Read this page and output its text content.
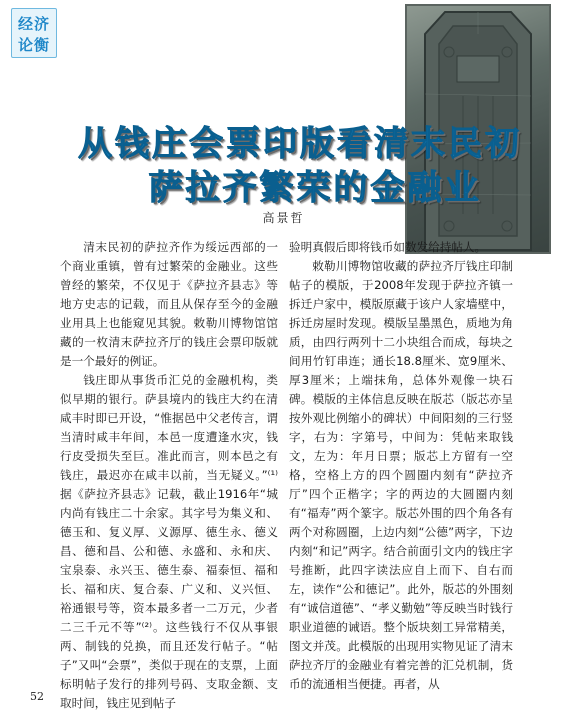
经济
论衡
从钱庄会票印版看清末民初
萨拉齐繁荣的金融业
高景哲

清末民初的萨拉齐作为绥远西部的一个商业重镇，曾有过繁荣的金融业。这些曾经的繁荣，不仅见于《萨拉齐县志》等地方史志的记载，而且从保存至今的金融业用具上也能窥见其貌。敕勒川博物馆馆藏的一枚清末萨拉齐厅的钱庄会票印版就是一个最好的例证。

钱庄即从事货币汇兑的金融机构，类似早期的银行。萨县境内的钱庄大约在清咸丰时即已开设，“惟据邑中父老传言，谓当清时咸丰年间，本邑一度遭逢水灾，钱行皮受损失至巨。准此而言，则本邑之有钱庄，最迟亦在咸丰以前，当无疑义。”⁽¹⁾据《萨拉齐县志》记载，截止1916年“城内尚有钱庄二十余家。其字号为集义和、德玉和、复义厚、义源厚、德生永、德义昌、德和昌、公和德、永盛和、永和庆、宝泉泰、永兴玉、德生泰、福泰恒、福和长、福和庆、复合泰、广义和、义兴恒、裕通银号等，资本最多者一二万元，少者二三千元不等”⁽²⁾。这些钱行不仅从事银两、制钱的兑换，而且还发行帖子。“帖子”又叫“会票”，类似于现在的支票，上面标明帖子发行的排列号码、支取金额、支取时间，钱庄见到帖子

验明真假后即将钱币如数发给持帖人。

敕勒川博物馆收藏的萨拉齐厅钱庄印制帖子的模版，于2008年发现于萨拉齐镇一拆迁户家中，模版原藏于该户人家墙壁中，拆迁房屋时发现。模版呈墨黑色，质地为角质，由四行两列十二小块组合而成，每块之间用竹钉串连；通长18.8厘米、宽9厘米、厚3厘米；上端抹角，总体外观像一块石碑。模版的主体信息反映在版芯（版芯亦呈按外观比例缩小的碑状）中间阳刻的三行竖字，右为：字第号，中间为：凭帖来取钱文，左为：年月日票；版芯上方留有一空格，空格上方的四个圆圈内刻有“萨拉齐厅”四个正楷字；字的两边的大圆圈内刻有“福寿”两个篆字。版芯外围的四个角各有两个对称圆圈，上边内刻“公德”两字，下边内刻“和记”两字。结合前面引文内的钱庄字号推断，此四字读法应自上而下、自右而左，读作“公和德记”。此外，版芯的外围刻有“诚信道德”、“孝义勤勉”等反映当时钱行职业道德的诫语。整个版块刻工异常精美，图文并茂。此模版的出现用实物见证了清末萨拉齐厅的金融业有着完善的汇兑机制，货币的流通相当便捷。再者，从

52
